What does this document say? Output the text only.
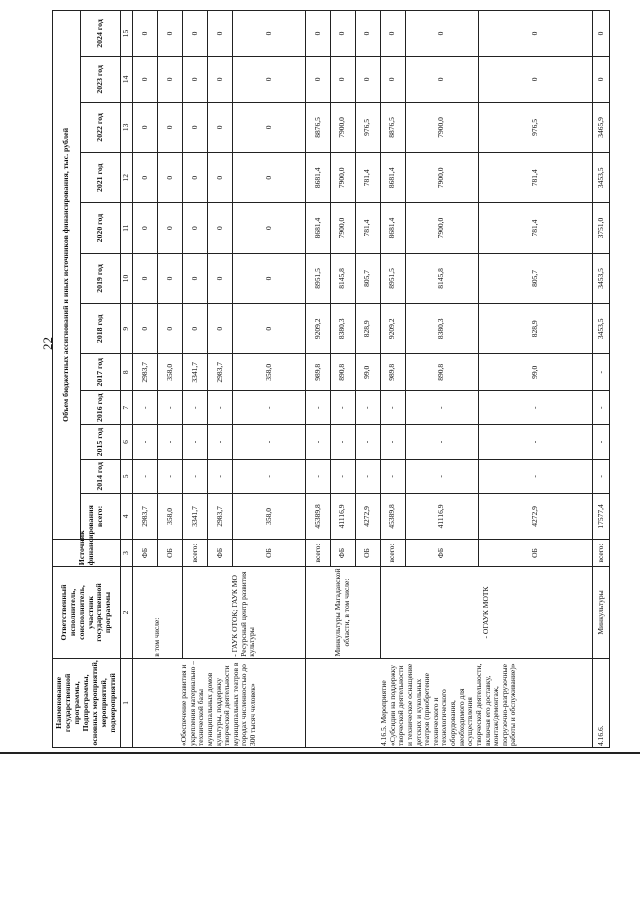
22
Наименование государственной программы, Подпрограммы, основных мероприятий, мероприятий, подмероприятий	Ответственный исполнитель, соисполнитель, участник государственной программы	Источник финансирования	Объем бюджетных ассигнований и иных источников финансирования, тыс. рублей											
			всего:	2014 год	2015 год	2016 год	2017 год	2018 год	2019 год	2020 год	2021 год	2022 год	2023 год	2024 год
1	2	3	4	5	6	7	8	9	10	11	12	13	14	15
«Обеспечение развития и укрепления материально – технической базы муниципальных домов культуры, поддержку творческой деятельности муниципальных театров в городах численностью до 300 тысяч человек»	в том числе:	ФБ	2983,7	-	-	-	2983,7	0	0	0	0	0	0	0
		ОБ	358,0	-	-	-	358,0	0	0	0	0	0	0	0
	- ГАУК ОТОК; ГАУК МО Ресурсный центр развития культуры	всего:	3341,7	-	-	-	3341,7	0	0	0	0	0	0	0
		ФБ	2983,7	-	-	-	2983,7	0	0	0	0	0	0	0
		ОБ	358,0	-	-	-	358,0	0	0	0	0	0	0	0
4.16.5. Мероприятие «Субсидии на поддержку творческой деятельности и техническое оснащение детских и кукольных театров (приобретение технического и технологического оборудования, необходимого для осуществления творческой деятельности, включая его доставку, монтаж/демонтаж, погрузочно-разгрузочные работы и обслуживание)»	Минкультуры Магаданской области, в том числе:	всего:	45389,8	-	-	-	989,8	9209,2	8951,5	8681,4	8681,4	8876,5	0	0
		ФБ	41116,9	-	-	-	890,8	8380,3	8145,8	7900,0	7900,0	7900,0	0	0
		ОБ	4272,9	-	-	-	99,0	828,9	805,7	781,4	781,4	976,5	0	0
	- ОГАУК МОТК	всего:	45389,8	-	-	-	989,8	9209,2	8951,5	8681,4	8681,4	8876,5	0	0
		ФБ	41116,9	-	-	-	890,8	8380,3	8145,8	7900,0	7900,0	7900,0	0	0
		ОБ	4272,9	-	-	-	99,0	828,9	805,7	781,4	781,4	976,5	0	0
4.16.6.	Минкультуры	всего:	17577,4	-	-	-	-	3453,5	3453,5	3751,0	3453,5	3465,9	0	0
